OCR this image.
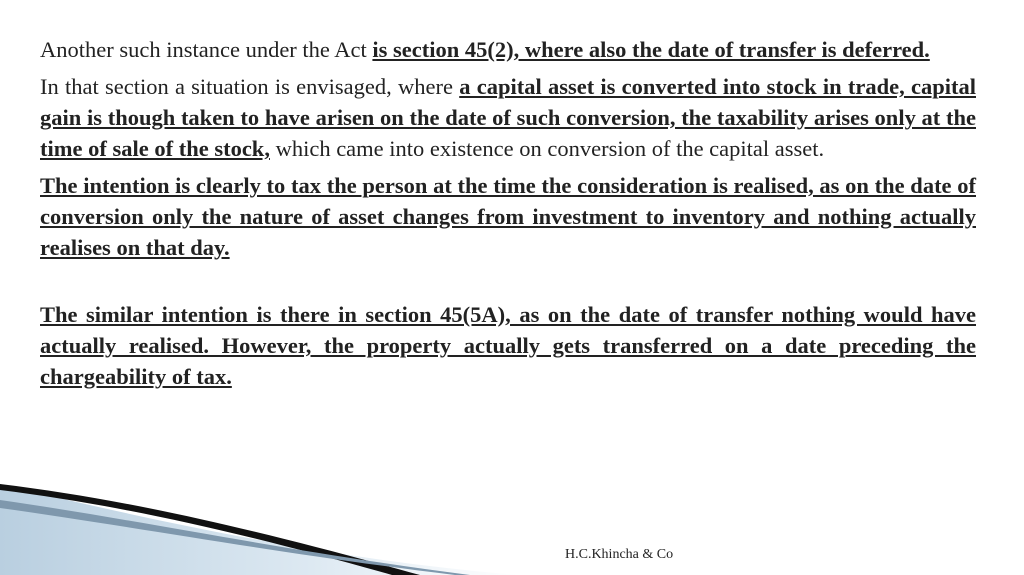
Another such instance under the Act is section 45(2), where also the date of transfer is deferred.

In that section a situation is envisaged, where a capital asset is converted into stock in trade, capital gain is though taken to have arisen on the date of such conversion, the taxability arises only at the time of sale of the stock, which came into existence on conversion of the capital asset.

The intention is clearly to tax the person at the time the consideration is realised, as on the date of conversion only the nature of asset changes from investment to inventory and nothing actually realises on that day.

The similar intention is there in section 45(5A), as on the date of transfer nothing would have actually realised. However, the property actually gets transferred on a date preceding the chargeability of tax.

H.C.Khincha & Co
